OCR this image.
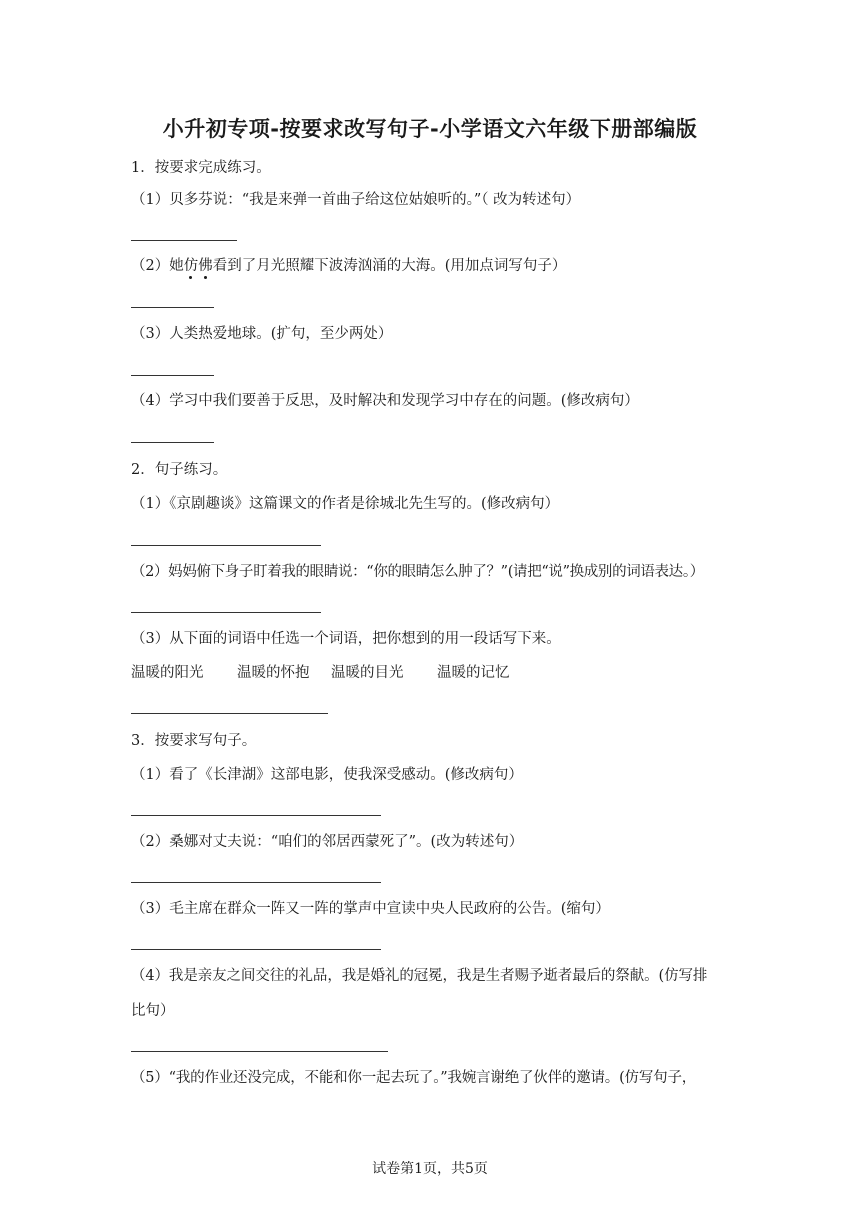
小升初专项-按要求改写句子-小学语文六年级下册部编版
1．按要求完成练习。
（1）贝多芬说：“我是来弹一首曲子给这位姑娘听的。”（ 改为转述句）
（2）她仿佛看到了月光照耀下波涛汹涌的大海。(用加点词写句子）
（3）人类热爱地球。(扩句，至少两处）
（4）学习中我们要善于反思，及时解决和发现学习中存在的问题。(修改病句）
2．句子练习。
（1）《京剧趣谈》这篇课文的作者是徐城北先生写的。(修改病句）
（2）妈妈俯下身子盯着我的眼睛说：“你的眼睛怎么肿了？”(请把“说”换成别的词语表达。）
（3）从下面的词语中任选一个词语，把你想到的用一段话写下来。
温暖的阳光 温暖的怀抱 温暖的目光 温暖的记忆
3．按要求写句子。
（1）看了《长津湖》这部电影，使我深受感动。(修改病句）
（2）桑娜对丈夫说：“咱们的邻居西蒙死了”。(改为转述句）
（3）毛主席在群众一阵又一阵的掌声中宣读中央人民政府的公告。(缩句）
（4）我是亲友之间交往的礼品，我是婚礼的冠冕，我是生者赐予逝者最后的祭献。(仿写排
比句）
（5）“我的作业还没完成，不能和你一起去玩了。”我婉言谢绝了伙伴的邀请。(仿写句子，
试卷第1页，共5页
